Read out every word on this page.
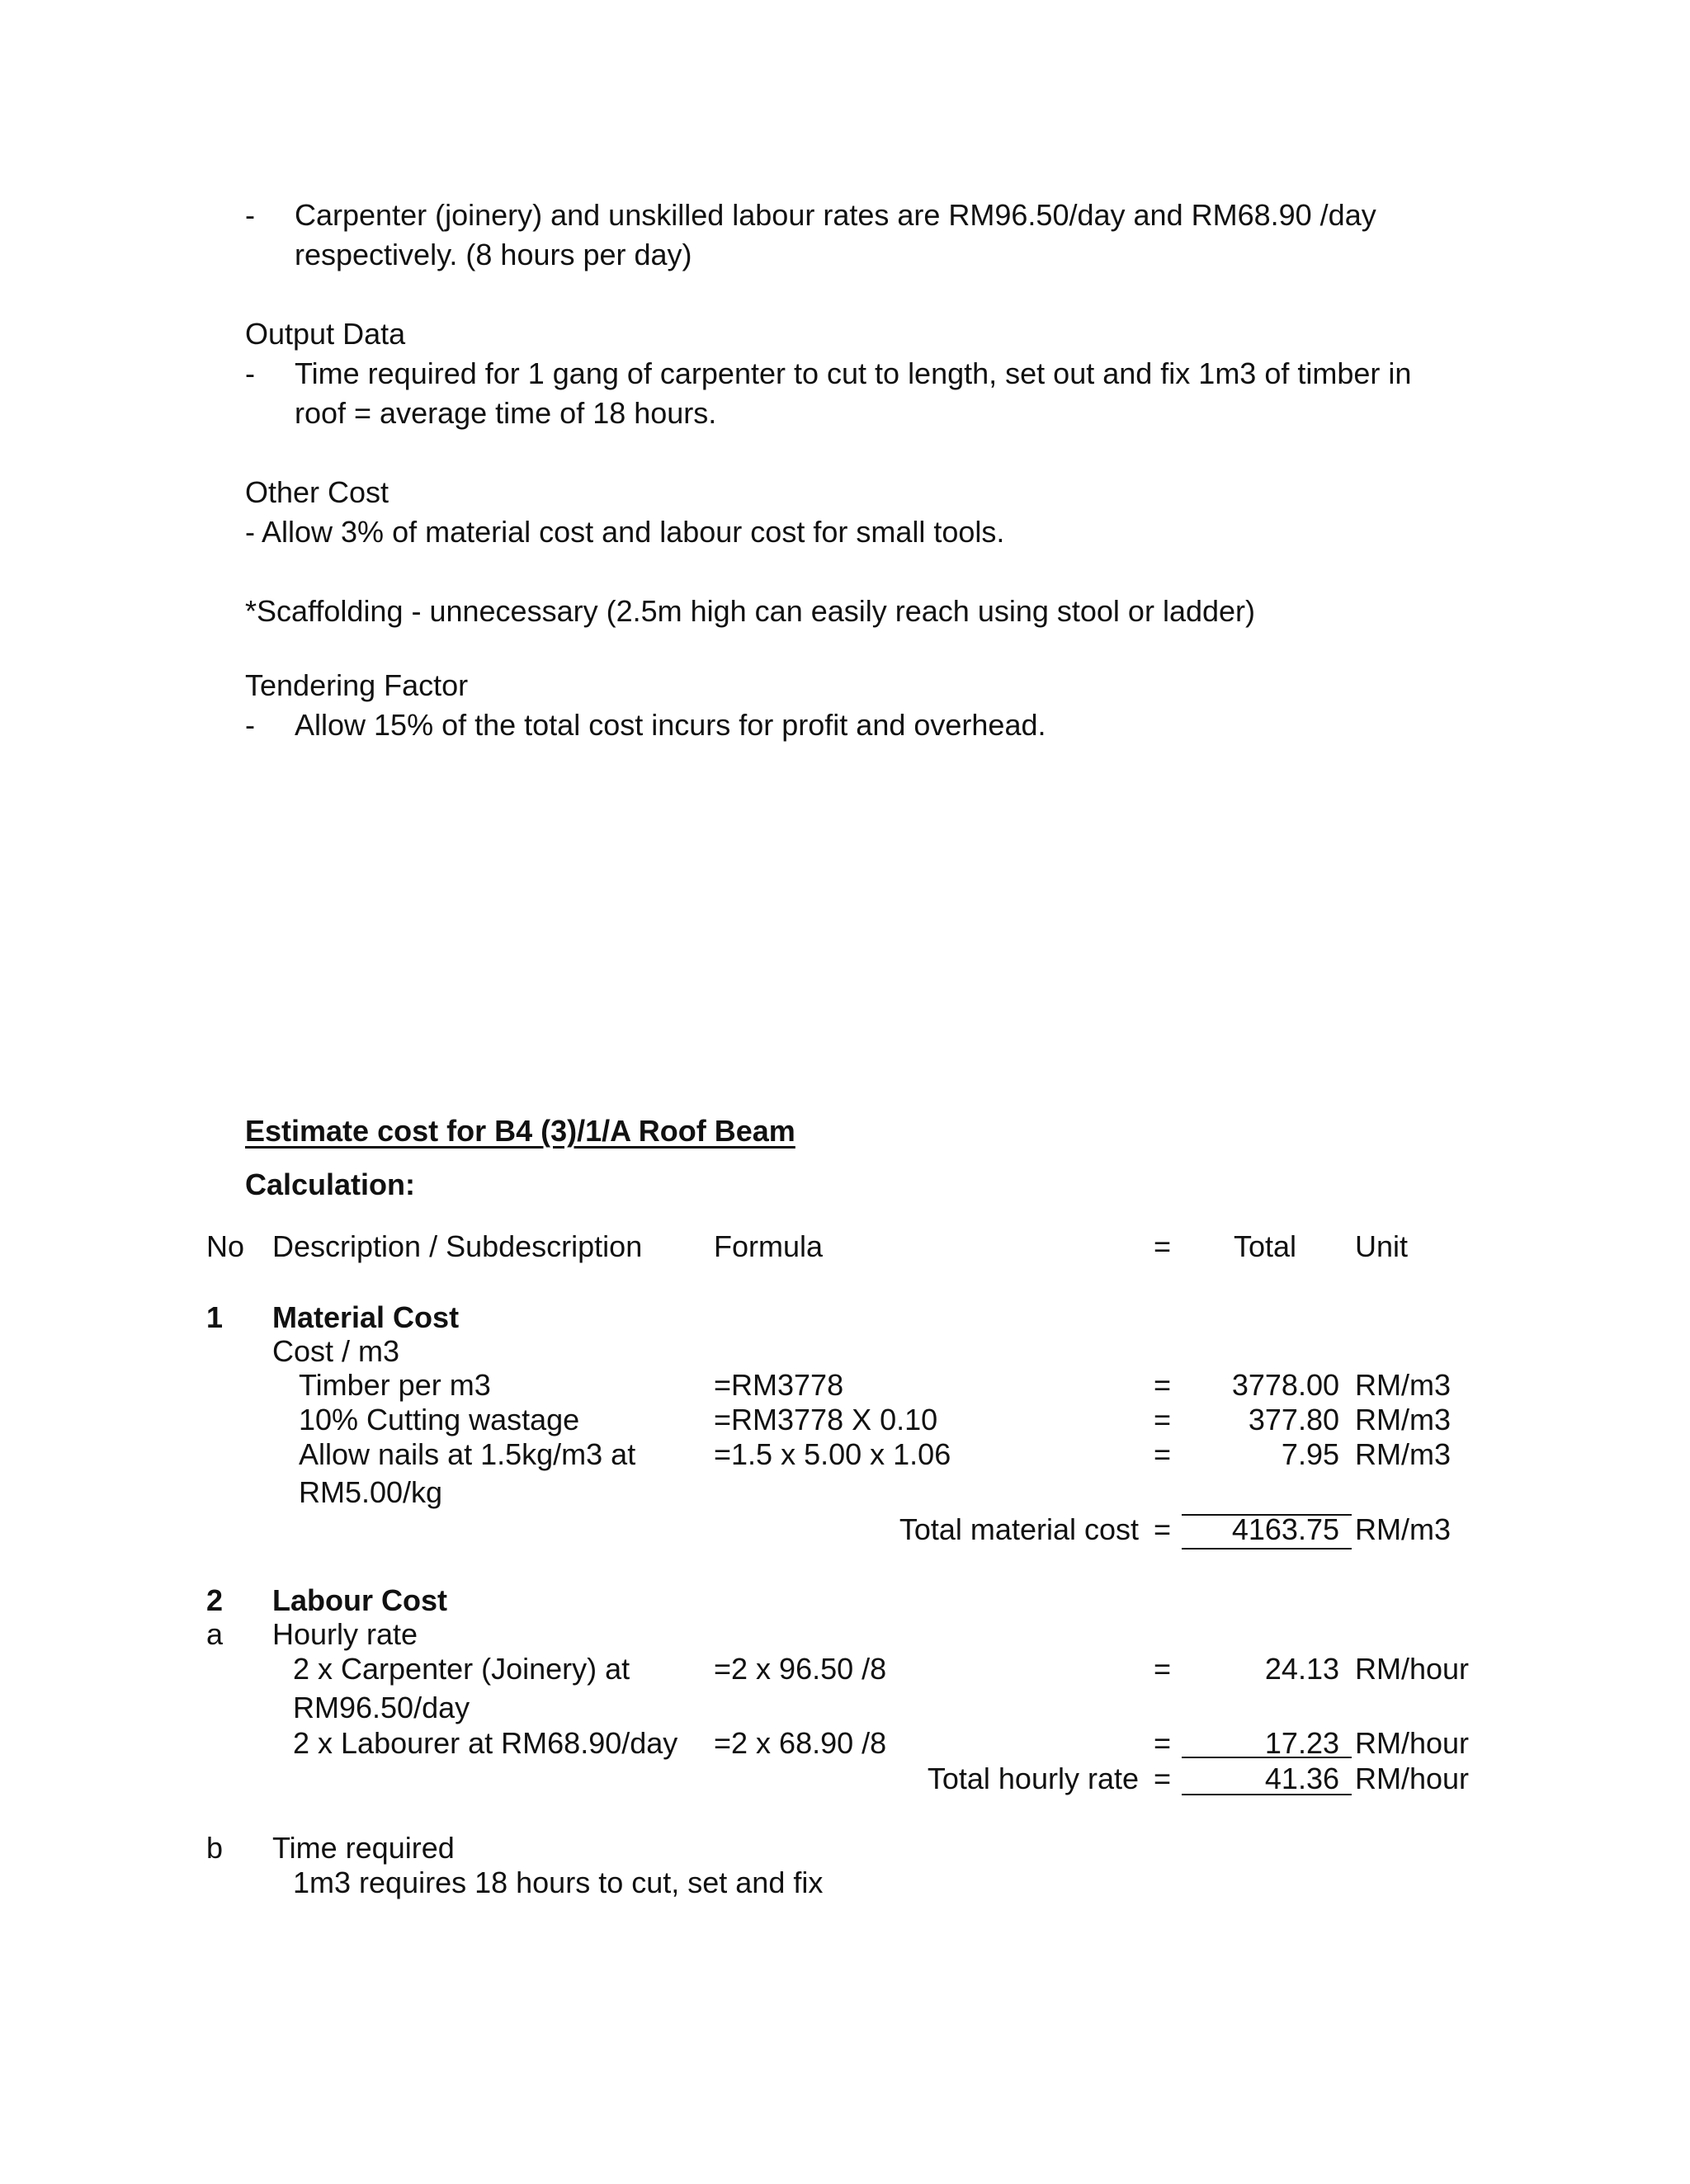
- Carpenter (joinery) and unskilled labour rates are RM96.50/day and RM68.90 /day
respectively. (8 hours per day)
Output Data
- Time required for 1 gang of carpenter to cut to length, set out and fix 1m3 of timber in
roof = average time of 18 hours.
Other Cost
- Allow 3% of material cost and labour cost for small tools.
*Scaffolding - unnecessary (2.5m high can easily reach using stool or ladder)
Tendering Factor
- Allow 15% of the total cost incurs for profit and overhead.
Estimate cost for B4 (3)/1/A Roof Beam
Calculation:
No Description / Subdescription Formula	= Total Unit
1 Material Cost
Cost / m3
Timber per m3	=RM3778	=	3778.00 RM/m3
10% Cutting wastage	=RM3778 X 0.10	=	377.80 RM/m3
Allow nails at 1.5kg/m3 at
RM5.00/kg
=1.5 x 5.00 x 1.06	=	7.95 RM/m3
Total material cost =	4163.75 RM/m3
2 Labour Cost
a Hourly rate
2 x Carpenter (Joinery) at
RM96.50/day
=2 x 96.50 /8	=	24.13 RM/hour
2 x Labourer at RM68.90/day =2 x 68.90 /8	=	17.23 RM/hour
Total hourly rate =	41.36 RM/hour
b Time required
1m3 requires 18 hours to cut, set and fix
